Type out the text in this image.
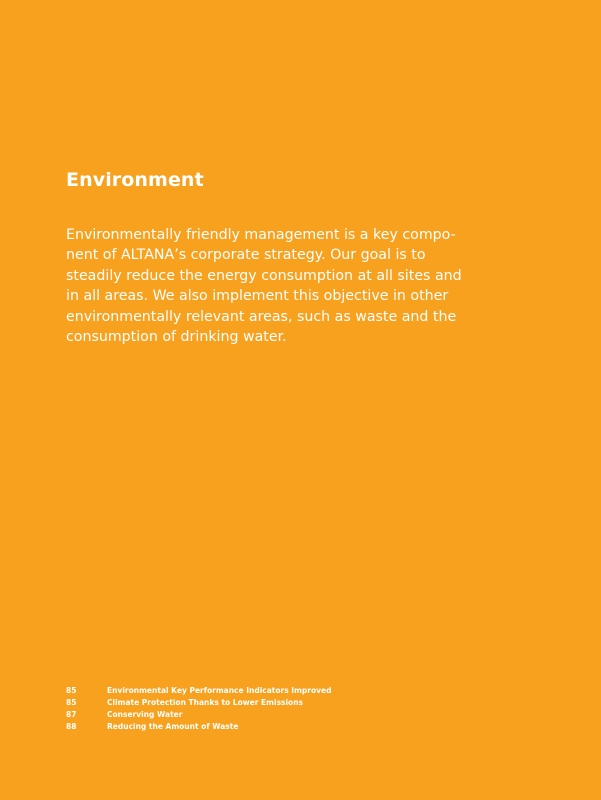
Environment

Environmentally friendly management is a key compo-
nent of ALTANA’s corporate strategy. Our goal is to
steadily reduce the energy consumption at all sites and
in all areas. We also implement this objective in other
environmentally relevant areas, such as waste and the
consumption of drinking water.

85	Environmental Key Performance Indicators Improved
85	Climate Protection Thanks to Lower Emissions
87	Conserving Water
88	Reducing the Amount of Waste
